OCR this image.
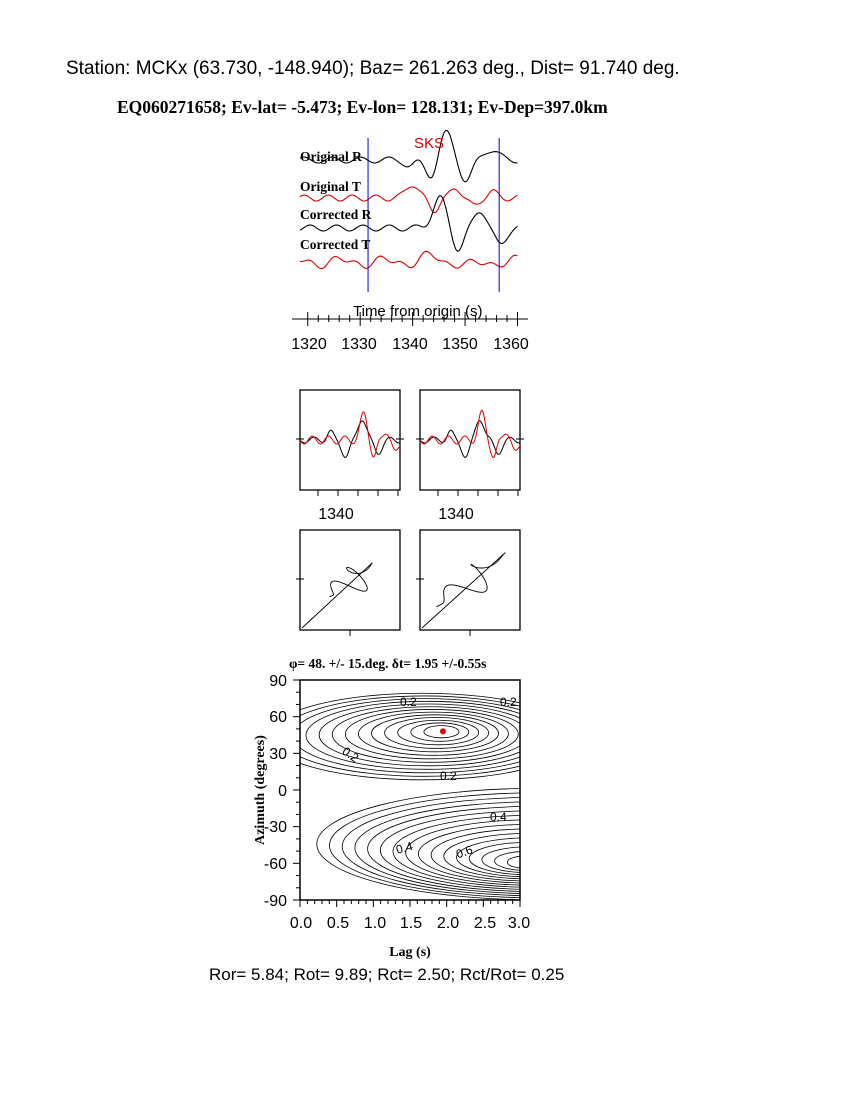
Station: MCKx (63.730, -148.940); Baz= 261.263 deg., Dist= 91.740 deg.
EQ060271658; Ev-lat= -5.473; Ev-lon= 128.131; Ev-Dep=397.0km
Original R
Original T
Corrected R
Corrected T
SKS
Time from origin (s)
1320 1330 1340 1350 1360
1340	1340
φ= 48. +/- 15.deg. δt= 1.95 +/-0.55s
0.2	0.2
0.2
0.2
0.4
0.4	0.6
90
60
30
0
-30
-60
-90
0.0 0.5 1.0 1.5 2.0 2.5 3.0
Lag (s)
Azimuth (degrees)
Ror= 5.84; Rot= 9.89; Rct= 2.50; Rct/Rot= 0.25
